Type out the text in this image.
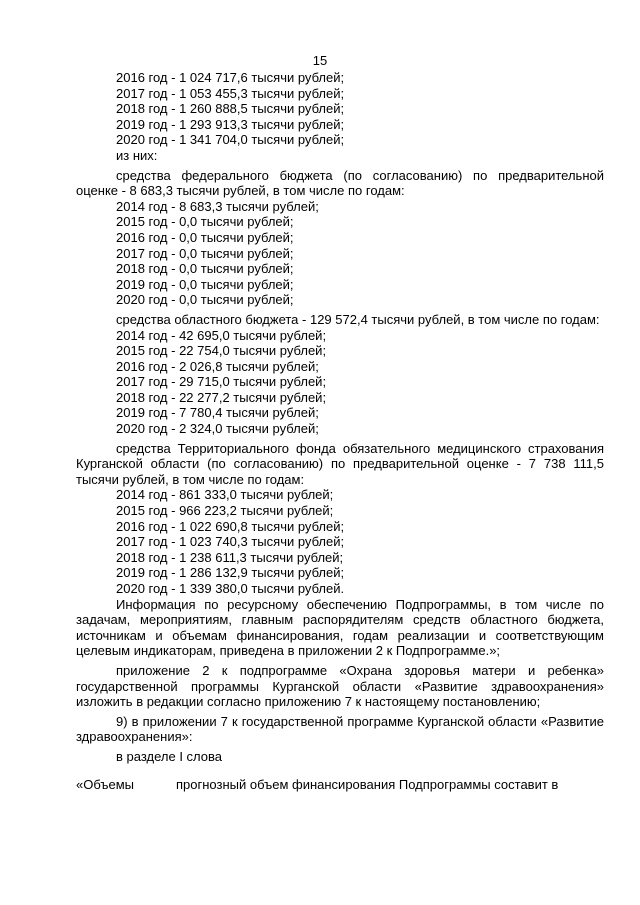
15

2016 год - 1 024 717,6 тысячи рублей;

2017 год - 1 053 455,3 тысячи рублей;

2018 год - 1 260 888,5 тысячи рублей;

2019 год - 1 293 913,3 тысячи рублей;

2020 год - 1 341 704,0 тысячи рублей;

из них:

средства федерального бюджета (по согласованию) по предварительной оценке - 8 683,3 тысячи рублей, в том числе по годам:

2014 год - 8 683,3 тысячи рублей;

2015 год - 0,0 тысячи рублей;

2016 год - 0,0 тысячи рублей;

2017 год - 0,0 тысячи рублей;

2018 год - 0,0 тысячи рублей;

2019 год - 0,0 тысячи рублей;

2020 год - 0,0 тысячи рублей;

средства областного бюджета - 129 572,4 тысячи рублей, в том числе по годам:

2014 год - 42 695,0 тысячи рублей;

2015 год - 22 754,0 тысячи рублей;

2016 год - 2 026,8 тысячи рублей;

2017 год - 29 715,0 тысячи рублей;

2018 год - 22 277,2 тысячи рублей;

2019 год - 7 780,4 тысячи рублей;

2020 год - 2 324,0 тысячи рублей;

средства Территориального фонда обязательного медицинского страхования Курганской области (по согласованию) по предварительной оценке - 7 738 111,5 тысячи рублей, в том числе по годам:

2014 год - 861 333,0 тысячи рублей;

2015 год - 966 223,2 тысячи рублей;

2016 год - 1 022 690,8 тысячи рублей;

2017 год - 1 023 740,3 тысячи рублей;

2018 год - 1 238 611,3 тысячи рублей;

2019 год - 1 286 132,9 тысячи рублей;

2020 год - 1 339 380,0 тысячи рублей.

Информация по ресурсному обеспечению Подпрограммы, в том числе по задачам, мероприятиям, главным распорядителям средств областного бюджета, источникам и объемам финансирования, годам реализации и соответствующим целевым индикаторам, приведена в приложении 2 к Подпрограмме.»;

приложение 2 к подпрограмме «Охрана здоровья матери и ребенка» государственной программы Курганской области «Развитие здравоохранения» изложить в редакции согласно приложению 7 к настоящему постановлению;

9) в приложении 7 к государственной программе Курганской области «Развитие здравоохранения»:

в разделе I слова

«Объемы	прогнозный объем финансирования Подпрограммы составит в
